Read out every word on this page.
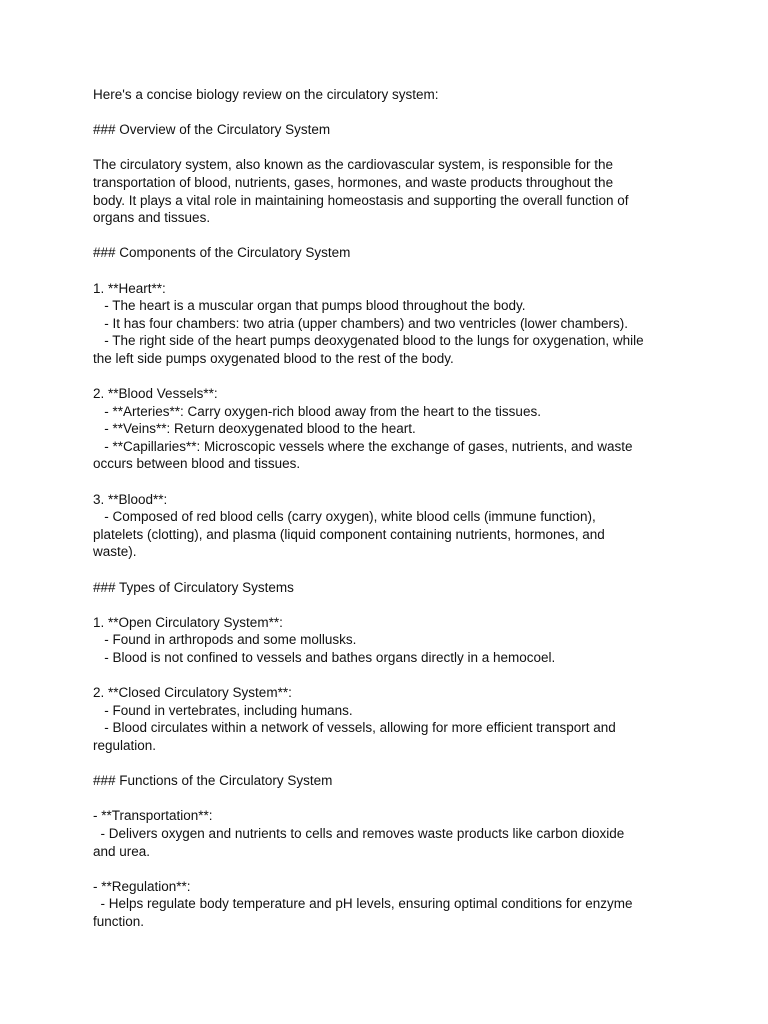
Here's a concise biology review on the circulatory system:
### Overview of the Circulatory System
The circulatory system, also known as the cardiovascular system, is responsible for the
transportation of blood, nutrients, gases, hormones, and waste products throughout the
body. It plays a vital role in maintaining homeostasis and supporting the overall function of
organs and tissues.
### Components of the Circulatory System
1. **Heart**:
- The heart is a muscular organ that pumps blood throughout the body.
- It has four chambers: two atria (upper chambers) and two ventricles (lower chambers).
- The right side of the heart pumps deoxygenated blood to the lungs for oxygenation, while
the left side pumps oxygenated blood to the rest of the body.
2. **Blood Vessels**:
- **Arteries**: Carry oxygen-rich blood away from the heart to the tissues.
- **Veins**: Return deoxygenated blood to the heart.
- **Capillaries**: Microscopic vessels where the exchange of gases, nutrients, and waste
occurs between blood and tissues.
3. **Blood**:
- Composed of red blood cells (carry oxygen), white blood cells (immune function),
platelets (clotting), and plasma (liquid component containing nutrients, hormones, and
waste).
### Types of Circulatory Systems
1. **Open Circulatory System**:
- Found in arthropods and some mollusks.
- Blood is not confined to vessels and bathes organs directly in a hemocoel.
2. **Closed Circulatory System**:
- Found in vertebrates, including humans.
- Blood circulates within a network of vessels, allowing for more efficient transport and
regulation.
### Functions of the Circulatory System
- **Transportation**:
- Delivers oxygen and nutrients to cells and removes waste products like carbon dioxide
and urea.
- **Regulation**:
- Helps regulate body temperature and pH levels, ensuring optimal conditions for enzyme
function.
